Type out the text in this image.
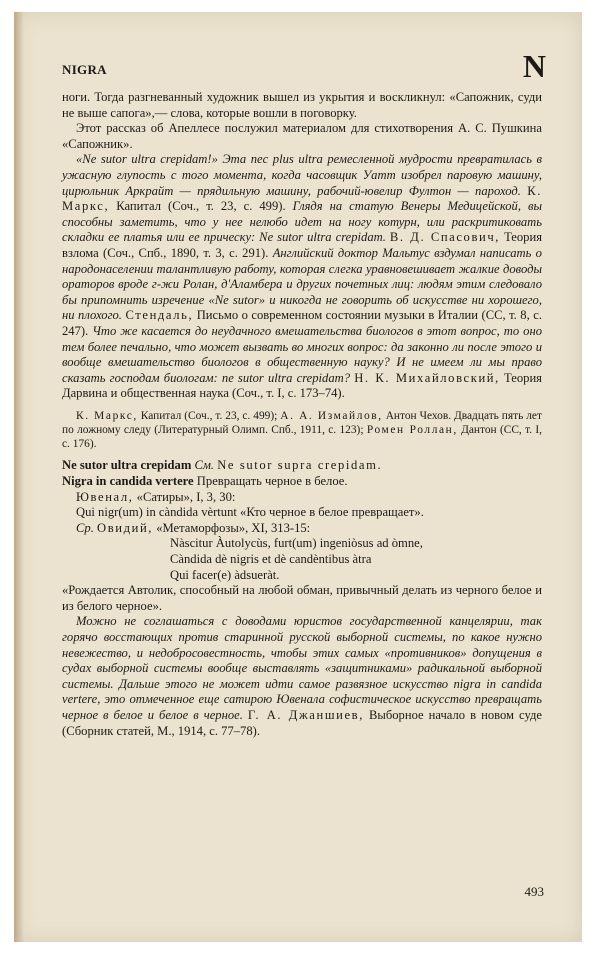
NIGRA	N

ноги. Тогда разгневанный художник вышел из укрытия и воскликнул: «Сапожник, суди не выше сапога»,— слова, которые вошли в поговорку.

Этот рассказ об Апеллесе послужил материалом для стихотворения А. С. Пушкина «Сапожник».

«Ne sutor ultra crepidam!» Эта nec plus ultra ремесленной мудрости превратилась в ужасную глупость с того момента, когда часовщик Уатт изобрел паровую машину, цирюльник Аркрайт — прядильную машину, рабочий-ювелир Фултон — пароход. К. Маркс, Капитал (Соч., т. 23, с. 499). Глядя на статую Венеры Медицейской, вы способны заметить, что у нее нелюбо идет на ногу котурн, или раскритиковать складки ее платья или ее прическу: Ne sutor ultra crepidam. В. Д. Спасович, Теория взлома (Соч., Спб., 1890, т. 3, с. 291). Английский доктор Мальтус вздумал написать о народонаселении талантливую работу, которая слегка уравновешивает жалкие доводы ораторов вроде г-жи Ролан, д'Аламбера и других почетных лиц: людям этим следовало бы припомнить изречение «Ne sutor» и никогда не говорить об искусстве ни хорошего, ни плохого. Стендаль, Письмо о современном состоянии музыки в Италии (СС, т. 8, с. 247). Что же касается до неудачного вмешательства биологов в этот вопрос, то оно тем более печально, что может вызвать во многих вопрос: да законно ли после этого и вообще вмешательство биологов в общественную науку? И не имеем ли мы право сказать господам биологам: ne sutor ultra crepidam? Н. К. Михайловский, Теория Дарвина и общественная наука (Соч., т. I, с. 173–74).

К. Маркс, Капитал (Соч., т. 23, с. 499); А. А. Измайлов, Антон Чехов. Двадцать пять лет по ложному следу (Литературный Олимп. Спб., 1911, с. 123); Ромен Роллан, Дантон (СС, т. I, с. 176).

Ne sutor ultra crepidam См. Ne sutor supra crepidam.

Nigra in candida vertere Превращать черное в белое.

Ювенал, «Сатиры», I, 3, 30:

Qui nigr(um) in càndida vèrtunt «Кто черное в белое превращает».

Ср. Овидий, «Метаморфозы», XI, 313-15:

Nàscitur Àutolycùs, furt(um) ingeniòsus ad òmne,

Càndida dè nigris et dè candèntibus àtra

Qui facer(e) àdsueràt.

«Рождается Автолик, способный на любой обман, привычный делать из черного белое и из белого черное».

Можно не соглашаться с доводами юристов государственной канцелярии, так горячо восстающих против старинной русской выборной системы, по какое нужно невежество, и недобросовестность, чтобы этих самых «противников» допущения в судах выборной системы вообще выставлять «защитниками» радикальной выборной системы. Дальше этого не может идти самое развязное искусство nigra in candida vertere, это отмеченное еще сатирою Ювенала софистическое искусство превращать черное в белое и белое в черное. Г. А. Джаншиев, Выборное начало в новом суде (Сборник статей, М., 1914, с. 77–78).

493
